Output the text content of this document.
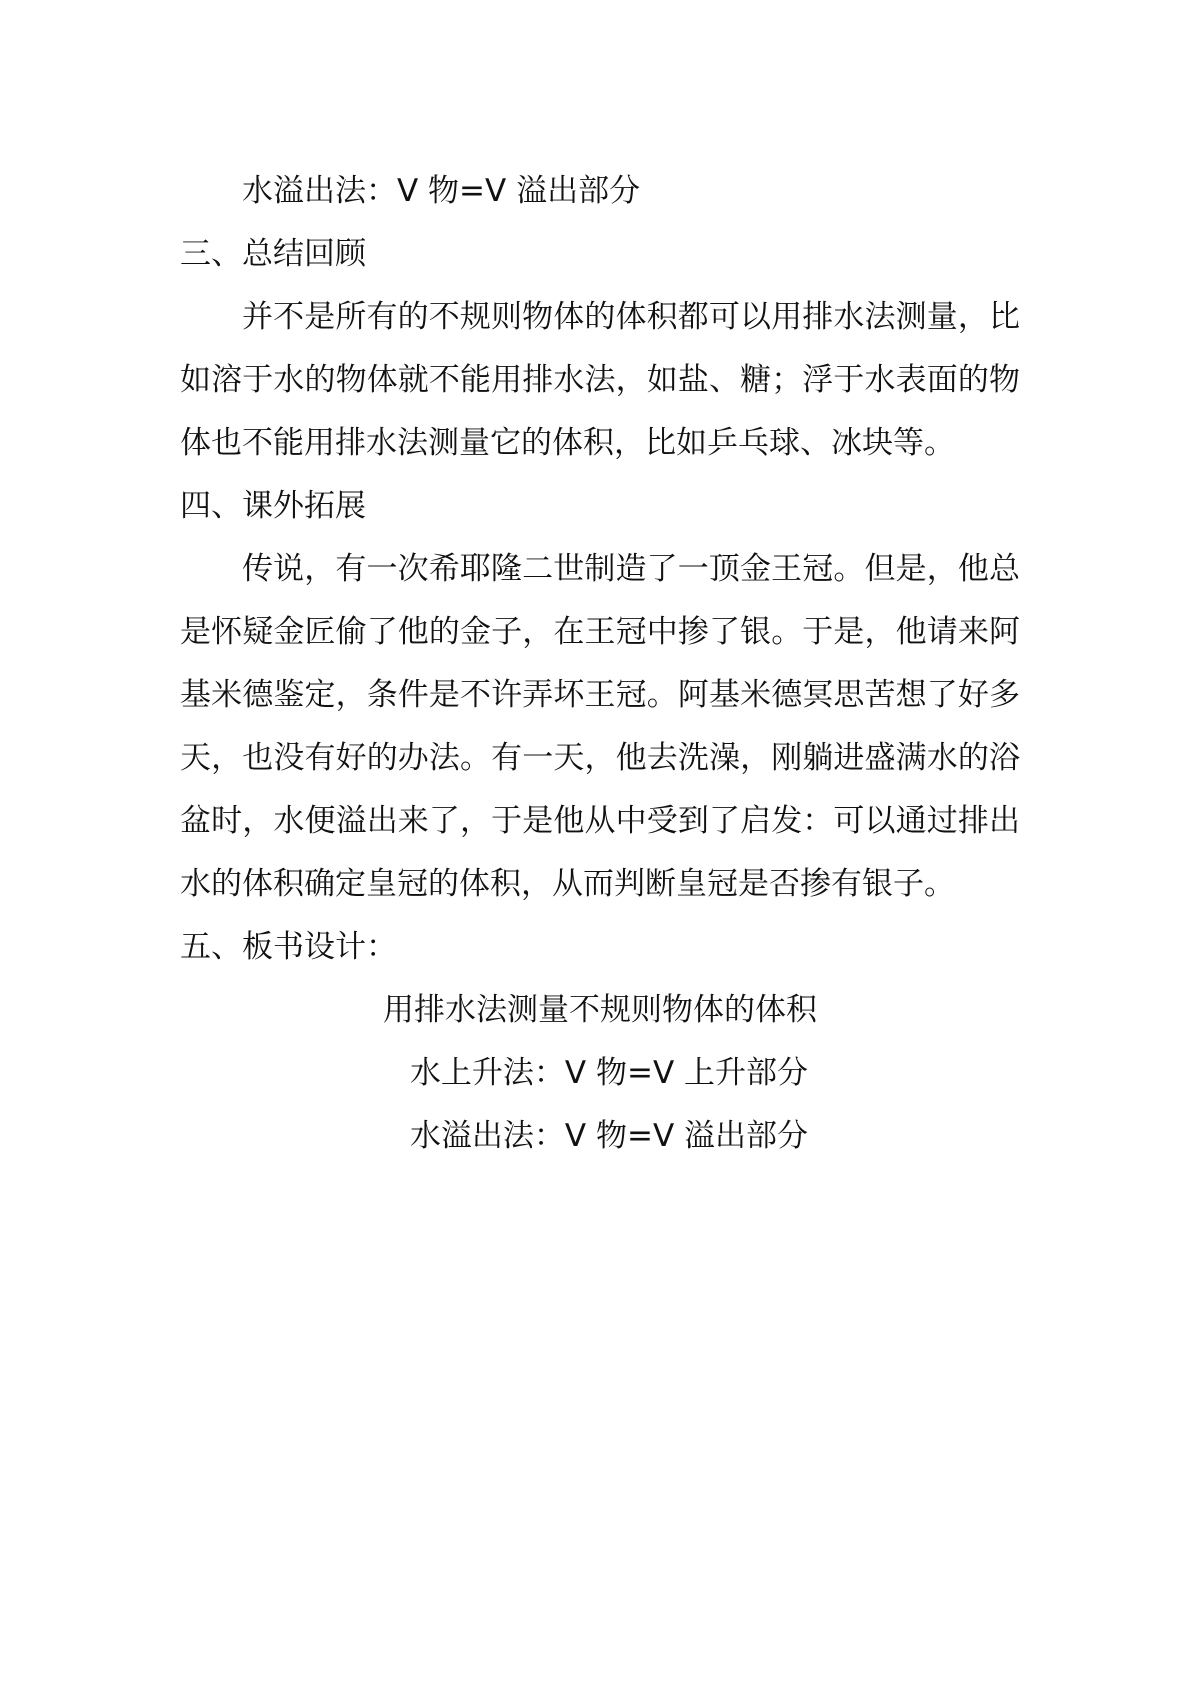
水溢出法：V 物=V 溢出部分

三、总结回顾

并不是所有的不规则物体的体积都可以用排水法测量，比如溶于水的物体就不能用排水法，如盐、糖；浮于水表面的物体也不能用排水法测量它的体积，比如乒乓球、冰块等。

四、课外拓展

传说，有一次希耶隆二世制造了一顶金王冠。但是，他总是怀疑金匠偷了他的金子，在王冠中掺了银。于是，他请来阿基米德鉴定，条件是不许弄坏王冠。阿基米德冥思苦想了好多天，也没有好的办法。有一天，他去洗澡，刚躺进盛满水的浴盆时，水便溢出来了，于是他从中受到了启发：可以通过排出水的体积确定皇冠的体积，从而判断皇冠是否掺有银子。

五、板书设计：

用排水法测量不规则物体的体积

水上升法：V 物=V 上升部分

水溢出法：V 物=V 溢出部分
